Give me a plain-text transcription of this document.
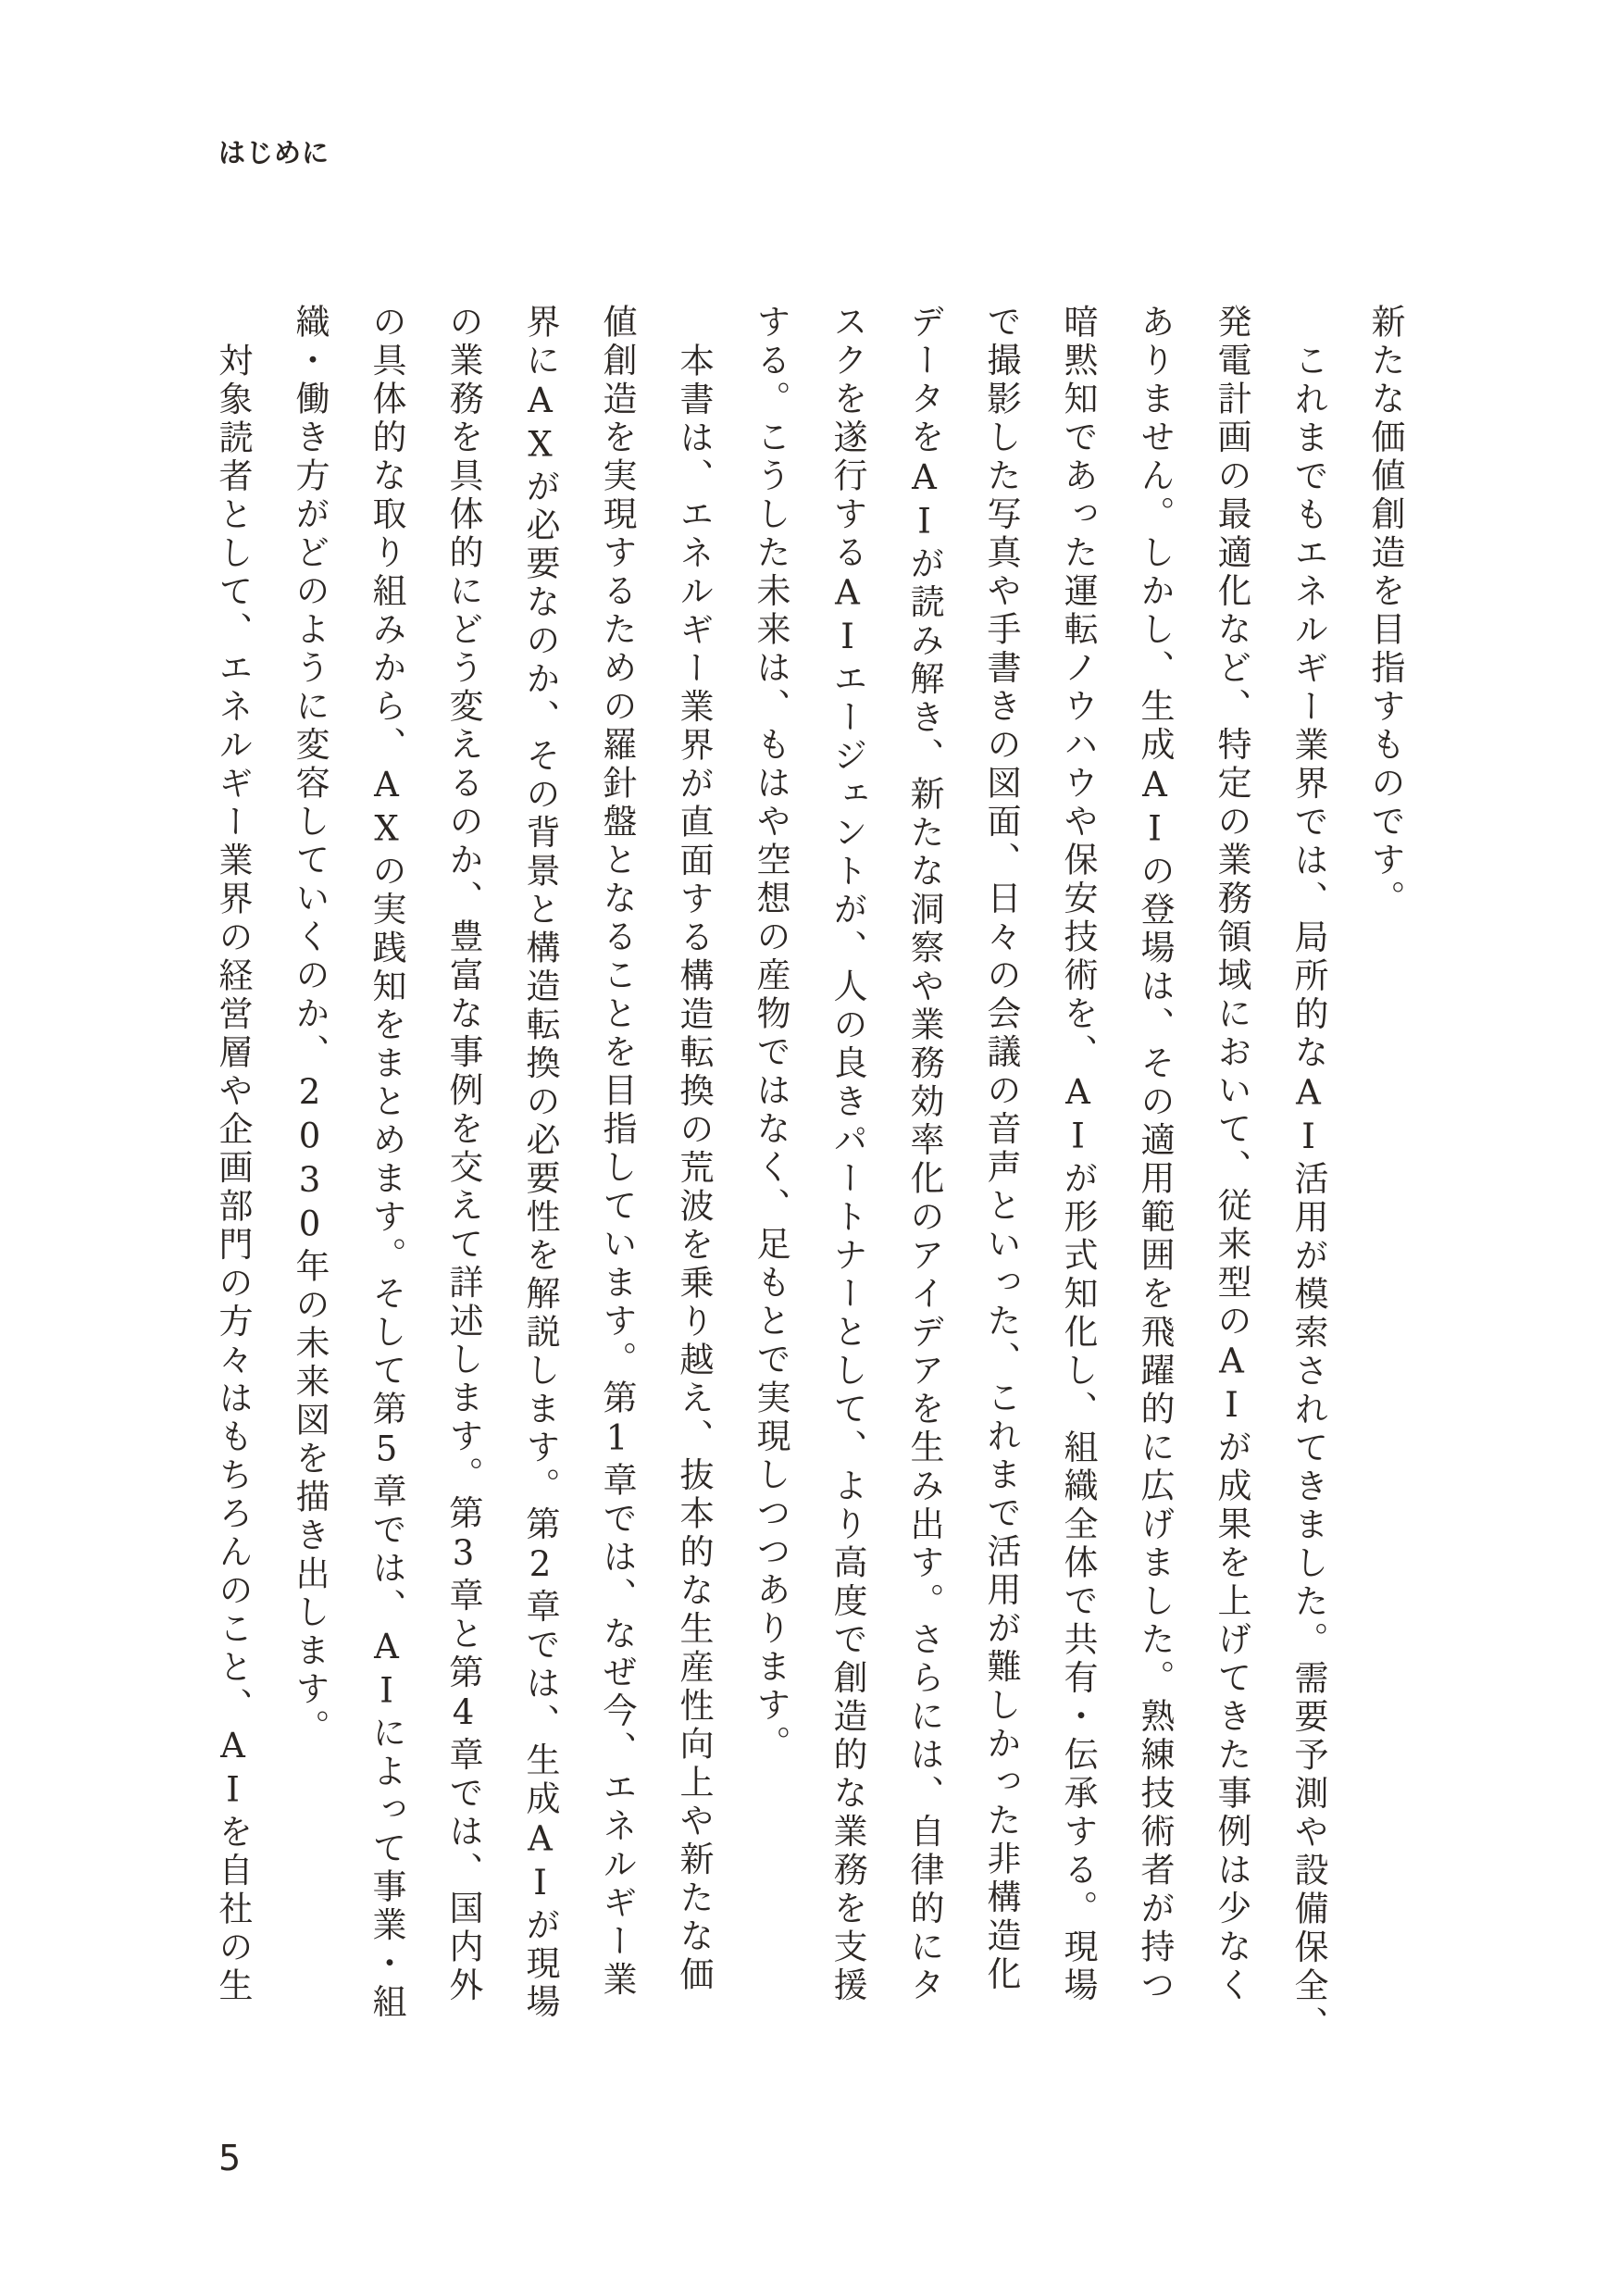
はじめに
新たな価値創造を目指すものです。
これまでもエネルギー業界では、局所的なAI活用が模索されてきました。需要予測や設備保全、
発電計画の最適化など、特定の業務領域において、従来型のAIが成果を上げてきた事例は少なく
ありません。しかし、生成AIの登場は、その適用範囲を飛躍的に広げました。熟練技術者が持つ
暗黙知であった運転ノウハウや保安技術を、AIが形式知化し、組織全体で共有・伝承する。現場
で撮影した写真や手書きの図面、日々の会議の音声といった、これまで活用が難しかった非構造化
データをAIが読み解き、新たな洞察や業務効率化のアイデアを生み出す。さらには、自律的にタ
スクを遂行するAIエージェントが、人の良きパートナーとして、より高度で創造的な業務を支援
する。こうした未来は、もはや空想の産物ではなく、足もとで実現しつつあります。
本書は、エネルギー業界が直面する構造転換の荒波を乗り越え、抜本的な生産性向上や新たな価
値創造を実現するための羅針盤となることを目指しています。第1章では、なぜ今、エネルギー業
界にAXが必要なのか、その背景と構造転換の必要性を解説します。第2章では、生成AIが現場
の業務を具体的にどう変えるのか、豊富な事例を交えて詳述します。第3章と第4章では、国内外
の具体的な取り組みから、AXの実践知をまとめます。そして第5章では、AIによって事業・組
織・働き方がどのように変容していくのか、2030年の未来図を描き出します。
対象読者として、エネルギー業界の経営層や企画部門の方々はもちろんのこと、AIを自社の生
5
